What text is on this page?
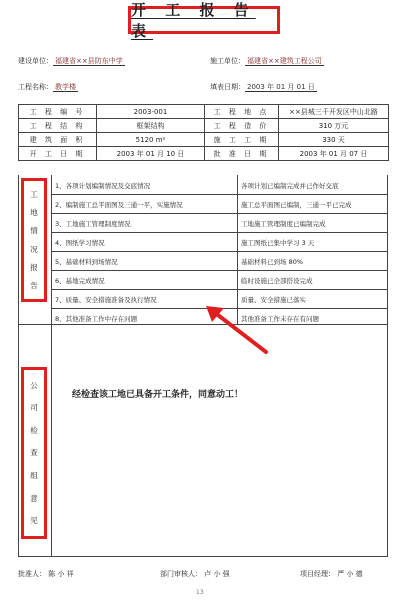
开 工 报 告 表
建设单位： 福建省××县防东中学	施工单位： 福建省××建筑工程公司
工程名称： 教学楼	填表日期： 2003 年 01 月 01 日
工 程 编 号	2003-001	工 程 地 点	××县城三千开发区中山北路
工 程 结 构	框架结构	工 程 造 价	310 万元
建 筑 面 积	5120 m²	施 工 工 期	330 天
开 工 日 期	2003 年 01 月 10 日	批 准 日 期	2003 年 01 月 07 日
1、各项计划编制情况及交底情况	各项计划已编制完成并已作好交底
2、编制施工总平面图及三通一平，实施情况	施工总平面图已编制，三通一平已完成
3、工地施工管理制度情况	工地施工管理制度已编制完成
4、图纸学习情况	施工图纸已集中学习 3 天
5、基础材料到场情况	基础材料已到场 80%
6、基地完成情况	临时设施已全部搭设完成
7、质量、安全措施准备及执行情况	质量、安全措施已落实
8、其他准备工作中存在问题	其他准备工作未存在有问题
工
地
情
况
报
告
公
司
检
查
组
意
见
经检查该工地已具备开工条件，同意动工！
批准人： 陈 小 祥	部门审核人： 卢 小 强	项目经理： 严 小 德
13
